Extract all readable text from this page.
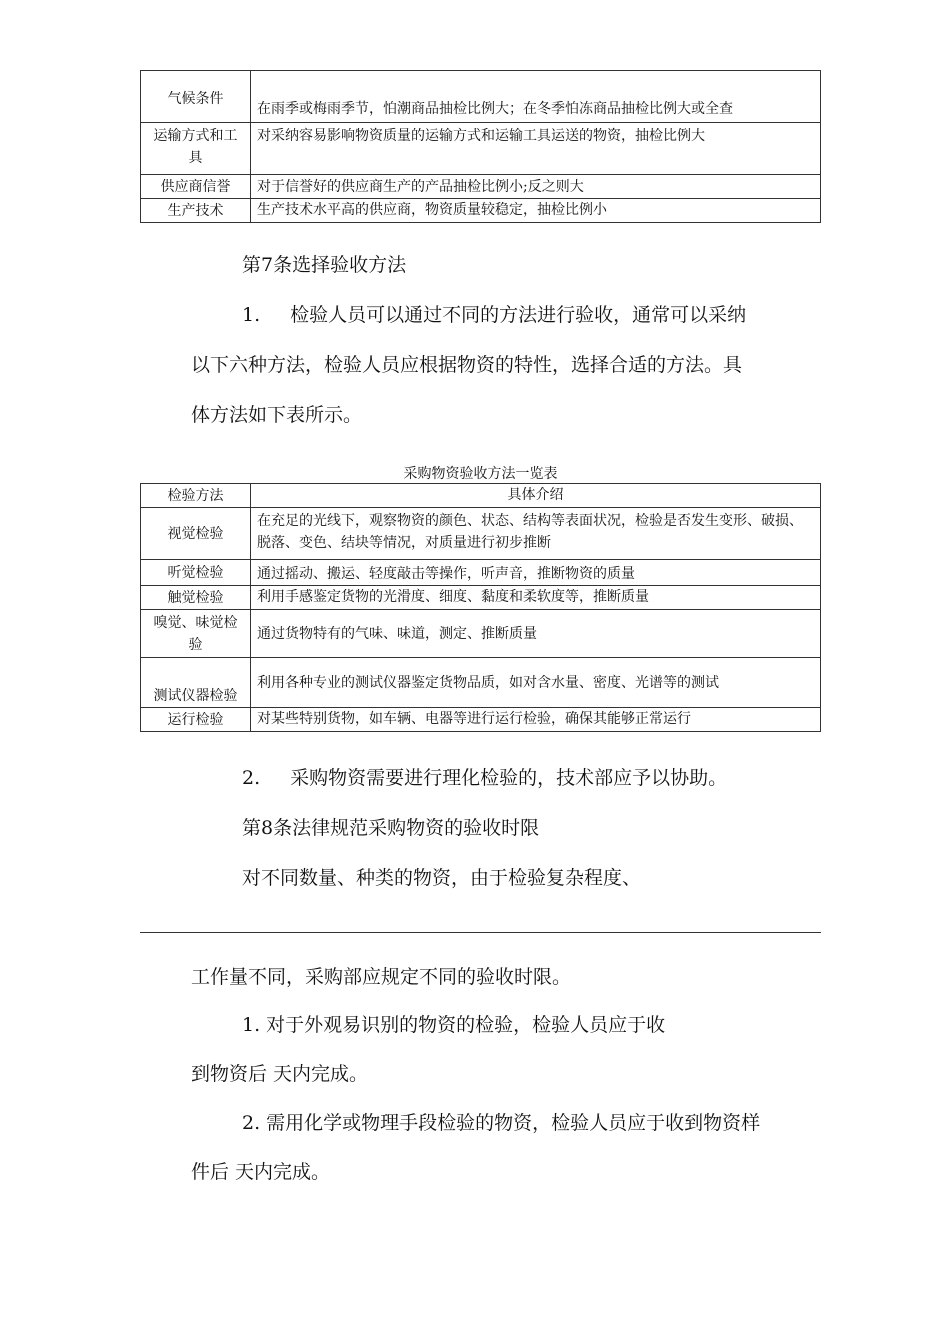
气候条件	在雨季或梅雨季节，怕潮商品抽检比例大；在冬季怕冻商品抽检比例大或全查
运输方式和工具	对采纳容易影响物资质量的运输方式和运输工具运送的物资，抽检比例大
供应商信誉	对于信誉好的供应商生产的产品抽检比例小;反之则大
生产技术	生产技术水平高的供应商，物资质量较稳定，抽检比例小
第7条选择验收方法
1. 检验人员可以通过不同的方法进行验收，通常可以采纳
以下六种方法，检验人员应根据物资的特性，选择合适的方法。具
体方法如下表所示。
采购物资验收方法一览表
检验方法	具体介绍
视觉检验	在充足的光线下，观察物资的颜色、状态、结构等表面状况，检验是否发生变形、破损、脱落、变色、结块等情况，对质量进行初步推断
听觉检验	通过摇动、搬运、轻度敲击等操作，听声音，推断物资的质量
触觉检验	利用手感鉴定货物的光滑度、细度、黏度和柔软度等，推断质量
嗅觉、味觉检验	通过货物特有的气味、味道，测定、推断质量
测试仪器检验	利用各种专业的测试仪器鉴定货物品质，如对含水量、密度、光谱等的测试
运行检验	对某些特别货物，如车辆、电器等进行运行检验，确保其能够正常运行
2. 采购物资需要进行理化检验的，技术部应予以协助。
第8条法律规范采购物资的验收时限
对不同数量、种类的物资，由于检验复杂程度、
工作量不同，采购部应规定不同的验收时限。
1. 对于外观易识别的物资的检验，检验人员应于收
到物资后 天内完成。
2. 需用化学或物理手段检验的物资，检验人员应于收到物资样
件后 天内完成。
